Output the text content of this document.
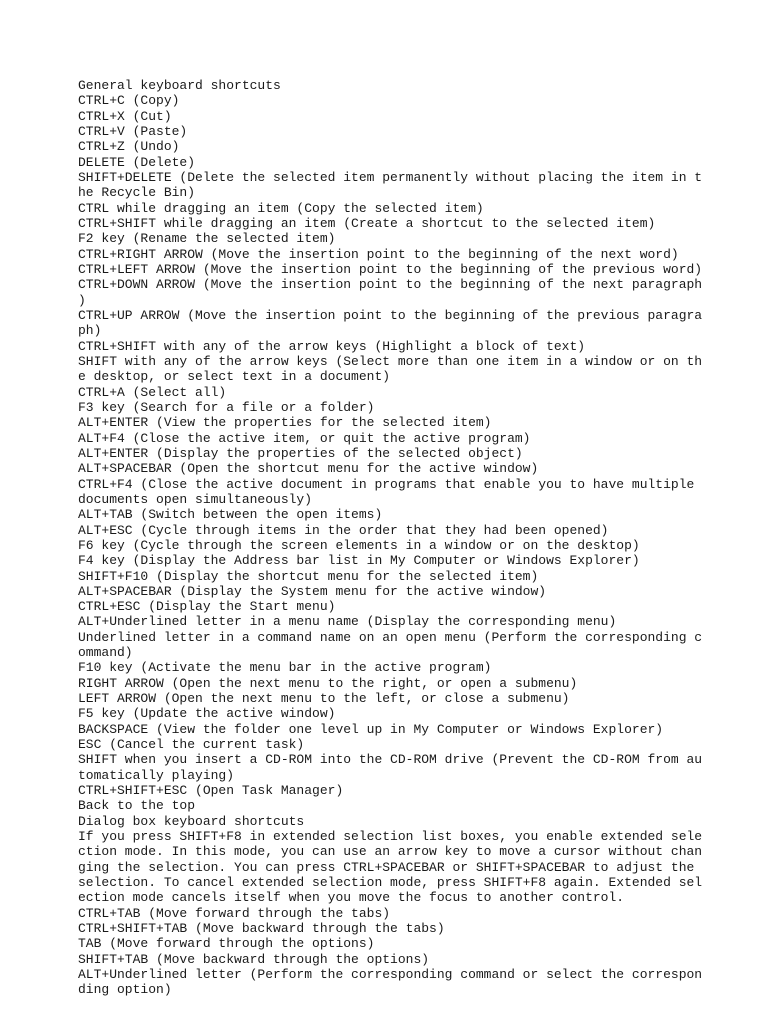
General keyboard shortcuts
CTRL+C (Copy)
CTRL+X (Cut)
CTRL+V (Paste)
CTRL+Z (Undo)
DELETE (Delete)
SHIFT+DELETE (Delete the selected item permanently without placing the item in t
he Recycle Bin)
CTRL while dragging an item (Copy the selected item)
CTRL+SHIFT while dragging an item (Create a shortcut to the selected item)
F2 key (Rename the selected item)
CTRL+RIGHT ARROW (Move the insertion point to the beginning of the next word)
CTRL+LEFT ARROW (Move the insertion point to the beginning of the previous word)
CTRL+DOWN ARROW (Move the insertion point to the beginning of the next paragraph
)
CTRL+UP ARROW (Move the insertion point to the beginning of the previous paragra
ph)
CTRL+SHIFT with any of the arrow keys (Highlight a block of text)
SHIFT with any of the arrow keys (Select more than one item in a window or on th
e desktop, or select text in a document)
CTRL+A (Select all)
F3 key (Search for a file or a folder)
ALT+ENTER (View the properties for the selected item)
ALT+F4 (Close the active item, or quit the active program)
ALT+ENTER (Display the properties of the selected object)
ALT+SPACEBAR (Open the shortcut menu for the active window)
CTRL+F4 (Close the active document in programs that enable you to have multiple
documents open simultaneously)
ALT+TAB (Switch between the open items)
ALT+ESC (Cycle through items in the order that they had been opened)
F6 key (Cycle through the screen elements in a window or on the desktop)
F4 key (Display the Address bar list in My Computer or Windows Explorer)
SHIFT+F10 (Display the shortcut menu for the selected item)
ALT+SPACEBAR (Display the System menu for the active window)
CTRL+ESC (Display the Start menu)
ALT+Underlined letter in a menu name (Display the corresponding menu)
Underlined letter in a command name on an open menu (Perform the corresponding c
ommand)
F10 key (Activate the menu bar in the active program)
RIGHT ARROW (Open the next menu to the right, or open a submenu)
LEFT ARROW (Open the next menu to the left, or close a submenu)
F5 key (Update the active window)
BACKSPACE (View the folder one level up in My Computer or Windows Explorer)
ESC (Cancel the current task)
SHIFT when you insert a CD-ROM into the CD-ROM drive (Prevent the CD-ROM from au
tomatically playing)
CTRL+SHIFT+ESC (Open Task Manager)
Back to the top
Dialog box keyboard shortcuts
If you press SHIFT+F8 in extended selection list boxes, you enable extended sele
ction mode. In this mode, you can use an arrow key to move a cursor without chan
ging the selection. You can press CTRL+SPACEBAR or SHIFT+SPACEBAR to adjust the
selection. To cancel extended selection mode, press SHIFT+F8 again. Extended sel
ection mode cancels itself when you move the focus to another control.
CTRL+TAB (Move forward through the tabs)
CTRL+SHIFT+TAB (Move backward through the tabs)
TAB (Move forward through the options)
SHIFT+TAB (Move backward through the options)
ALT+Underlined letter (Perform the corresponding command or select the correspon
ding option)
